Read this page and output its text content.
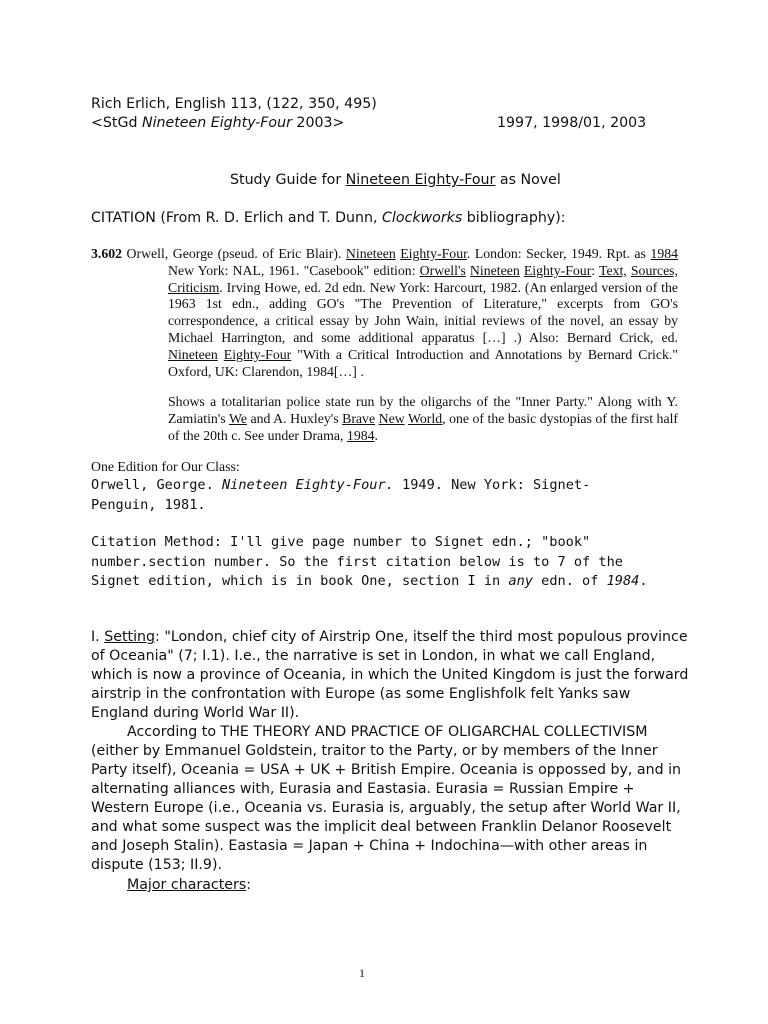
Rich Erlich, English 113, (122, 350, 495)
<StGd Nineteen Eighty-Four 2003>	1997, 1998/01, 2003
Study Guide for Nineteen Eighty-Four as Novel
CITATION (From R. D. Erlich and T. Dunn, Clockworks bibliography):
3.602 Orwell, George (pseud. of Eric Blair). Nineteen Eighty-Four. London: Secker, 1949. Rpt. as 1984 New York: NAL, 1961. "Casebook" edition: Orwell's Nineteen Eighty-Four: Text, Sources, Criticism. Irving Howe, ed. 2d edn. New York: Harcourt, 1982. (An enlarged version of the 1963 1st edn., adding GO's "The Prevention of Literature," excerpts from GO's correspondence, a critical essay by John Wain, initial reviews of the novel, an essay by Michael Harrington, and some additional apparatus […] .) Also: Bernard Crick, ed. Nineteen Eighty-Four "With a Critical Introduction and Annotations by Bernard Crick." Oxford, UK: Clarendon, 1984[…] .
Shows a totalitarian police state run by the oligarchs of the "Inner Party." Along with Y. Zamiatin's We and A. Huxley's Brave New World, one of the basic dystopias of the first half of the 20th c. See under Drama, 1984.
One Edition for Our Class:
Orwell, George. Nineteen Eighty-Four. 1949. New York: Signet-
Penguin, 1981.
Citation Method: I'll give page number to Signet edn.; "book"
number.section number. So the first citation below is to 7 of the
Signet edition, which is in book One, section I in any edn. of 1984.

I. Setting: "London, chief city of Airstrip One, itself the third most populous province of Oceania" (7; I.1). I.e., the narrative is set in London, in what we call England, which is now a province of Oceania, in which the United Kingdom is just the forward airstrip in the confrontation with Europe (as some Englishfolk felt Yanks saw England during World War II).

According to THE THEORY AND PRACTICE OF OLIGARCHAL COLLECTIVISM (either by Emmanuel Goldstein, traitor to the Party, or by members of the Inner Party itself), Oceania = USA + UK + British Empire. Oceania is oppossed by, and in alternating alliances with, Eurasia and Eastasia. Eurasia = Russian Empire + Western Europe (i.e., Oceania vs. Eurasia is, arguably, the setup after World War II, and what some suspect was the implicit deal between Franklin Delanor Roosevelt and Joseph Stalin). Eastasia = Japan + China + Indochina—with other areas in dispute (153; II.9).

Major characters:
1
